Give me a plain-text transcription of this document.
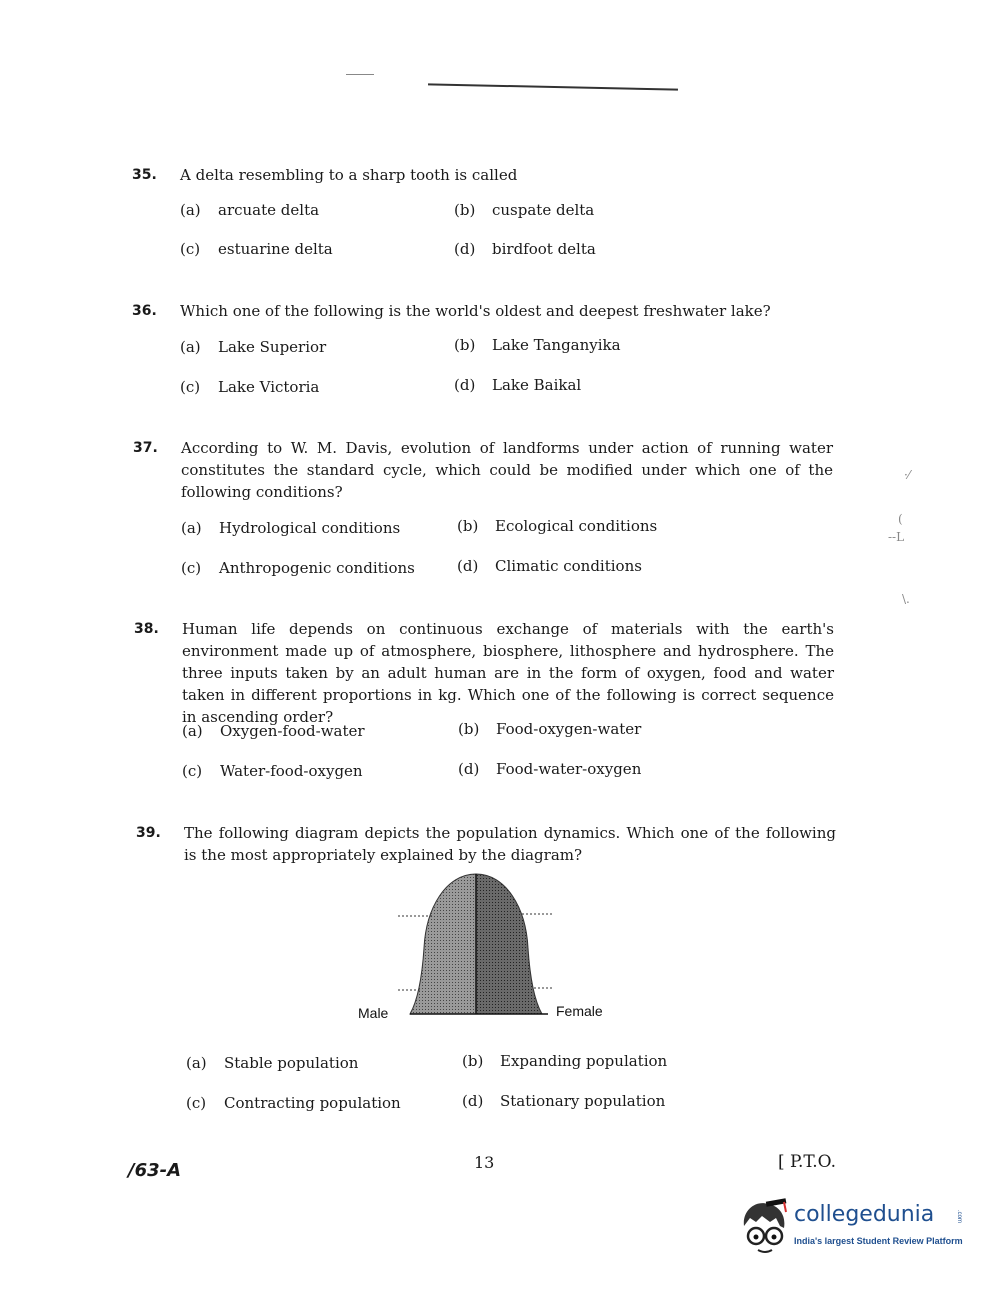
35. A delta resembling to a sharp tooth is called
(a) arcuate delta	(b) cuspate delta
(c) estuarine delta	(d) birdfoot delta
36. Which one of the following is the world's oldest and deepest freshwater lake?
(a) Lake Superior	(b) Lake Tanganyika
(c) Lake Victoria	(d) Lake Baikal
37. According to W. M. Davis, evolution of landforms under action of running water constitutes the standard cycle, which could be modified under which one of the following conditions?
(a) Hydrological conditions	(b) Ecological conditions
(c) Anthropogenic conditions	(d) Climatic conditions
38. Human life depends on continuous exchange of materials with the earth's environment made up of atmosphere, biosphere, lithosphere and hydrosphere. The three inputs taken by an adult human are in the form of oxygen, food and water taken in different proportions in kg. Which one of the following is correct sequence in ascending order?
(a) Oxygen-food-water	(b) Food-oxygen-water
(c) Water-food-oxygen	(d) Food-water-oxygen
39. The following diagram depicts the population dynamics. Which one of the following is the most appropriately explained by the diagram?
Male	Female
(a) Stable population	(b) Expanding population
(c) Contracting population	(d) Stationary population
·⁄
(
--L
\.
/63-A	13	[ P.T.O.
collegedunia	.com
India's largest Student Review Platform
